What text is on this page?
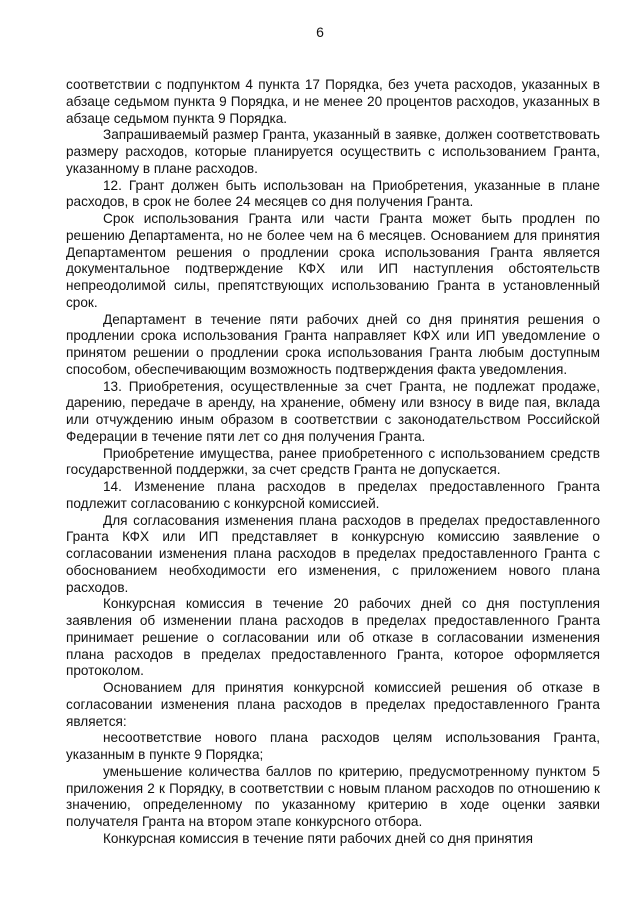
6

соответствии с подпунктом 4 пункта 17 Порядка, без учета расходов, указанных в абзаце седьмом пункта 9 Порядка, и не менее 20 процентов расходов, указанных в абзаце седьмом пункта 9 Порядка.

Запрашиваемый размер Гранта, указанный в заявке, должен соответствовать размеру расходов, которые планируется осуществить с использованием Гранта, указанному в плане расходов.

12. Грант должен быть использован на Приобретения, указанные в плане расходов, в срок не более 24 месяцев со дня получения Гранта.

Срок использования Гранта или части Гранта может быть продлен по решению Департамента, но не более чем на 6 месяцев. Основанием для принятия Департаментом решения о продлении срока использования Гранта является документальное подтверждение КФХ или ИП наступления обстоятельств непреодолимой силы, препятствующих использованию Гранта в установленный срок.

Департамент в течение пяти рабочих дней со дня принятия решения о продлении срока использования Гранта направляет КФХ или ИП уведомление о принятом решении о продлении срока использования Гранта любым доступным способом, обеспечивающим возможность подтверждения факта уведомления.

13. Приобретения, осуществленные за счет Гранта, не подлежат продаже, дарению, передаче в аренду, на хранение, обмену или взносу в виде пая, вклада или отчуждению иным образом в соответствии с законодательством Российской Федерации в течение пяти лет со дня получения Гранта.

Приобретение имущества, ранее приобретенного с использованием средств государственной поддержки, за счет средств Гранта не допускается.

14. Изменение плана расходов в пределах предоставленного Гранта подлежит согласованию с конкурсной комиссией.

Для согласования изменения плана расходов в пределах предоставленного Гранта КФХ или ИП представляет в конкурсную комиссию заявление о согласовании изменения плана расходов в пределах предоставленного Гранта с обоснованием необходимости его изменения, с приложением нового плана расходов.

Конкурсная комиссия в течение 20 рабочих дней со дня поступления заявления об изменении плана расходов в пределах предоставленного Гранта принимает решение о согласовании или об отказе в согласовании изменения плана расходов в пределах предоставленного Гранта, которое оформляется протоколом.

Основанием для принятия конкурсной комиссией решения об отказе в согласовании изменения плана расходов в пределах предоставленного Гранта является:

несоответствие нового плана расходов целям использования Гранта, указанным в пункте 9 Порядка;

уменьшение количества баллов по критерию, предусмотренному пунктом 5 приложения 2 к Порядку, в соответствии с новым планом расходов по отношению к значению, определенному по указанному критерию в ходе оценки заявки получателя Гранта на втором этапе конкурсного отбора.

Конкурсная комиссия в течение пяти рабочих дней со дня принятия
